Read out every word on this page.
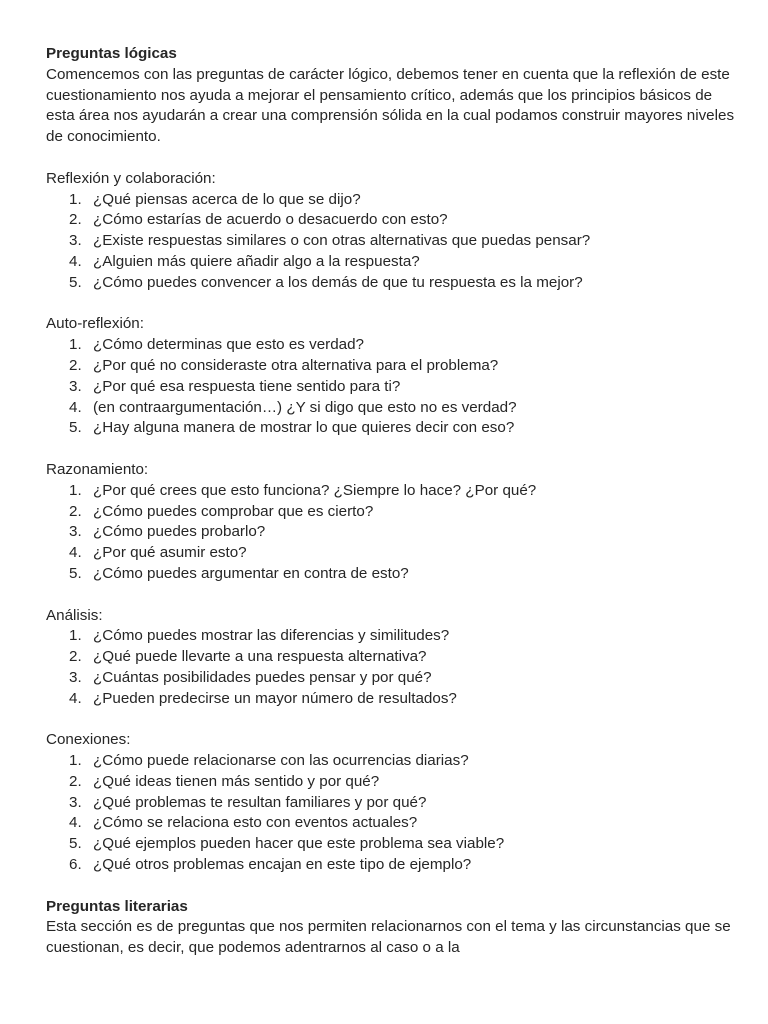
Preguntas lógicas

Comencemos con las preguntas de carácter lógico, debemos tener en cuenta que la reflexión de este cuestionamiento nos ayuda a mejorar el pensamiento crítico, además que los principios básicos de esta área nos ayudarán a crear una comprensión sólida en la cual podamos construir mayores niveles de conocimiento.

Reflexión y colaboración:

1. ¿Qué piensas acerca de lo que se dijo?
2. ¿Cómo estarías de acuerdo o desacuerdo con esto?
3. ¿Existe respuestas similares o con otras alternativas que puedas pensar?
4. ¿Alguien más quiere añadir algo a la respuesta?
5. ¿Cómo puedes convencer a los demás de que tu respuesta es la mejor?

Auto-reflexión:

1. ¿Cómo determinas que esto es verdad?
2. ¿Por qué no consideraste otra alternativa para el problema?
3. ¿Por qué esa respuesta tiene sentido para ti?
4. (en contraargumentación…) ¿Y si digo que esto no es verdad?
5. ¿Hay alguna manera de mostrar lo que quieres decir con eso?

Razonamiento:

1. ¿Por qué crees que esto funciona? ¿Siempre lo hace? ¿Por qué?
2. ¿Cómo puedes comprobar que es cierto?
3. ¿Cómo puedes probarlo?
4. ¿Por qué asumir esto?
5. ¿Cómo puedes argumentar en contra de esto?

Análisis:

1. ¿Cómo puedes mostrar las diferencias y similitudes?
2. ¿Qué puede llevarte a una respuesta alternativa?
3. ¿Cuántas posibilidades puedes pensar y por qué?
4. ¿Pueden predecirse un mayor número de resultados?

Conexiones:

1. ¿Cómo puede relacionarse con las ocurrencias diarias?
2. ¿Qué ideas tienen más sentido y por qué?
3. ¿Qué problemas te resultan familiares y por qué?
4. ¿Cómo se relaciona esto con eventos actuales?
5. ¿Qué ejemplos pueden hacer que este problema sea viable?
6. ¿Qué otros problemas encajan en este tipo de ejemplo?

Preguntas literarias

Esta sección es de preguntas que nos permiten relacionarnos con el tema y las circunstancias que se cuestionan, es decir, que podemos adentrarnos al caso o a la
